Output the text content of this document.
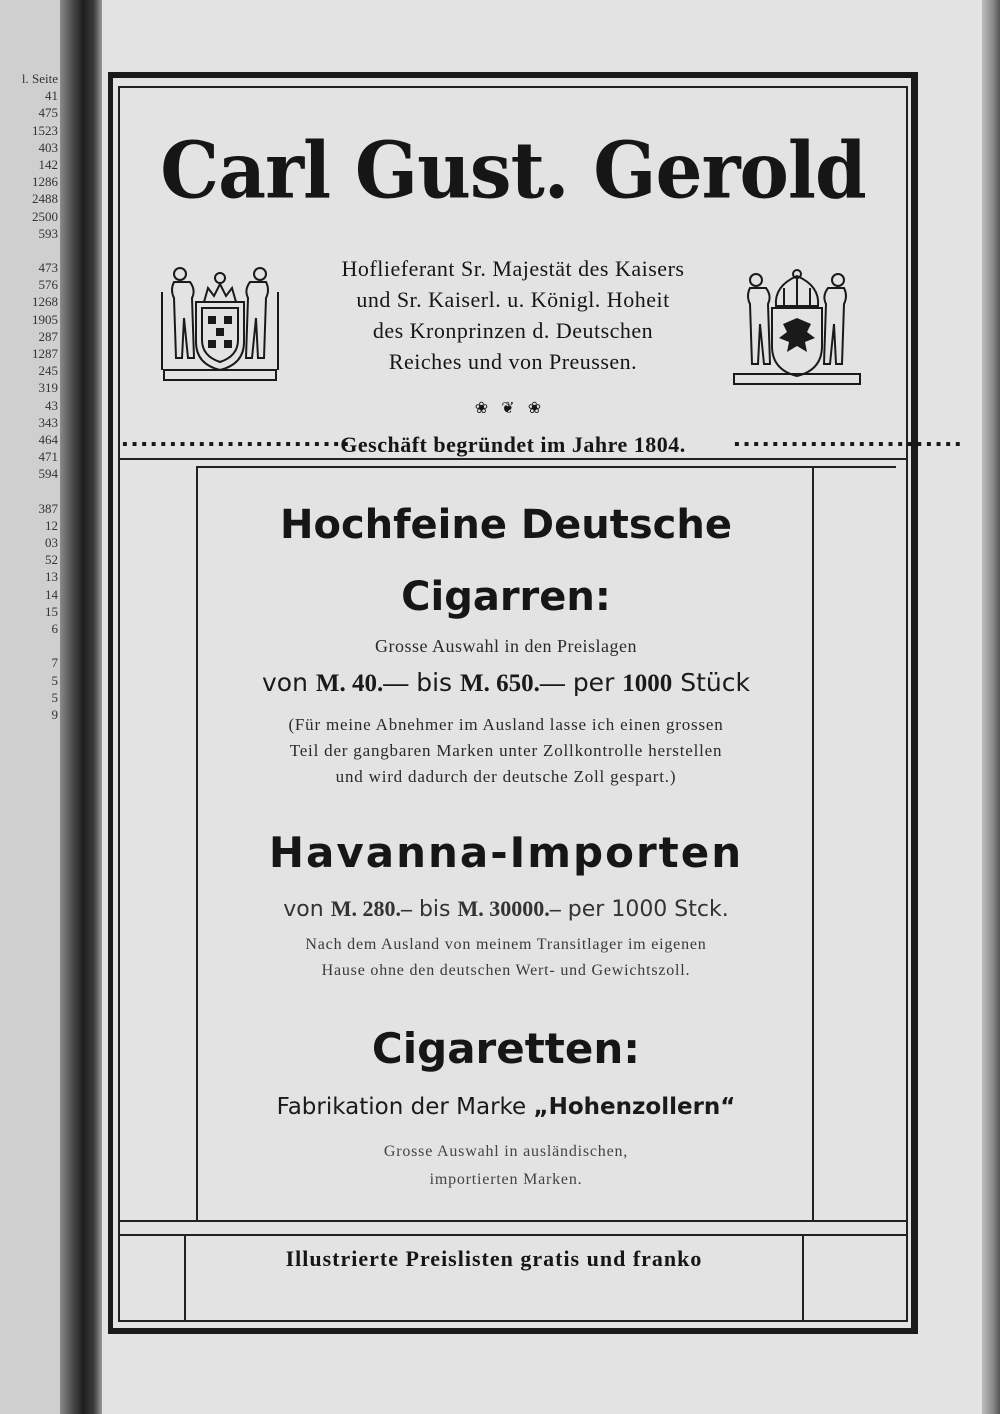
l. Seite
41
475
1523
403
142
1286
2488
2500
593
473
576
1268
1905
287
1287
245
319
43
343
464
471
594
387
12
03
52
13
14
15
6
7
5
5
9
Carl Gust. Gerold
Hoflieferant Sr. Majestät des Kaisers
und Sr. Kaiserl. u. Königl. Hoheit
des Kronprinzen d. Deutschen
Reiches und von Preussen.
❀ ❦ ❀
▪▪▪▪▪▪▪▪▪▪▪▪▪▪▪▪▪▪▪▪▪▪▪▪
Geschäft begründet im Jahre 1804.	▪▪▪▪▪▪▪▪▪▪▪▪▪▪▪▪▪▪▪▪▪▪▪▪
Hochfeine Deutsche
Cigarren:
Grosse Auswahl in den Preislagen
von M. 40.— bis M. 650.— per 1000 Stück
(Für meine Abnehmer im Ausland lasse ich einen grossen
Teil der gangbaren Marken unter Zollkontrolle herstellen
und wird dadurch der deutsche Zoll gespart.)
Havanna-Importen
von M. 280.– bis M. 30000.– per 1000 Stck.
Nach dem Ausland von meinem Transitlager im eigenen
Hause ohne den deutschen Wert- und Gewichtszoll.
Cigaretten:
Fabrikation der Marke „Hohenzollern“
Grosse Auswahl in ausländischen,
importierten Marken.
Illustrierte Preislisten gratis und franko
